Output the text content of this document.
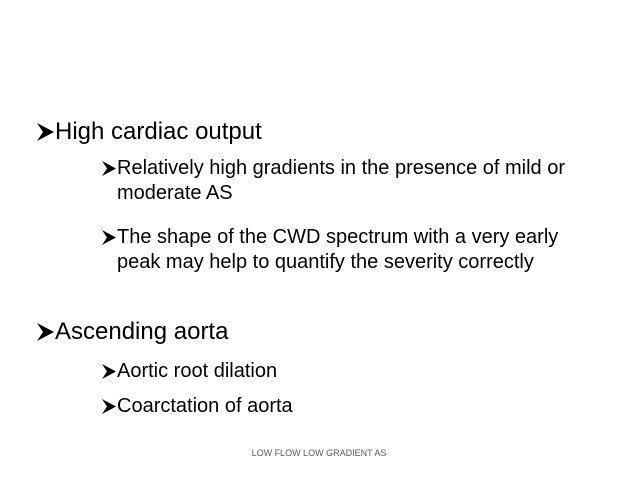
High cardiac output
Relatively high gradients in the presence of mild or moderate AS
The shape of the CWD spectrum with a very early peak may help to quantify the severity correctly
Ascending aorta
Aortic root dilation
Coarctation of aorta
LOW FLOW LOW GRADIENT AS
